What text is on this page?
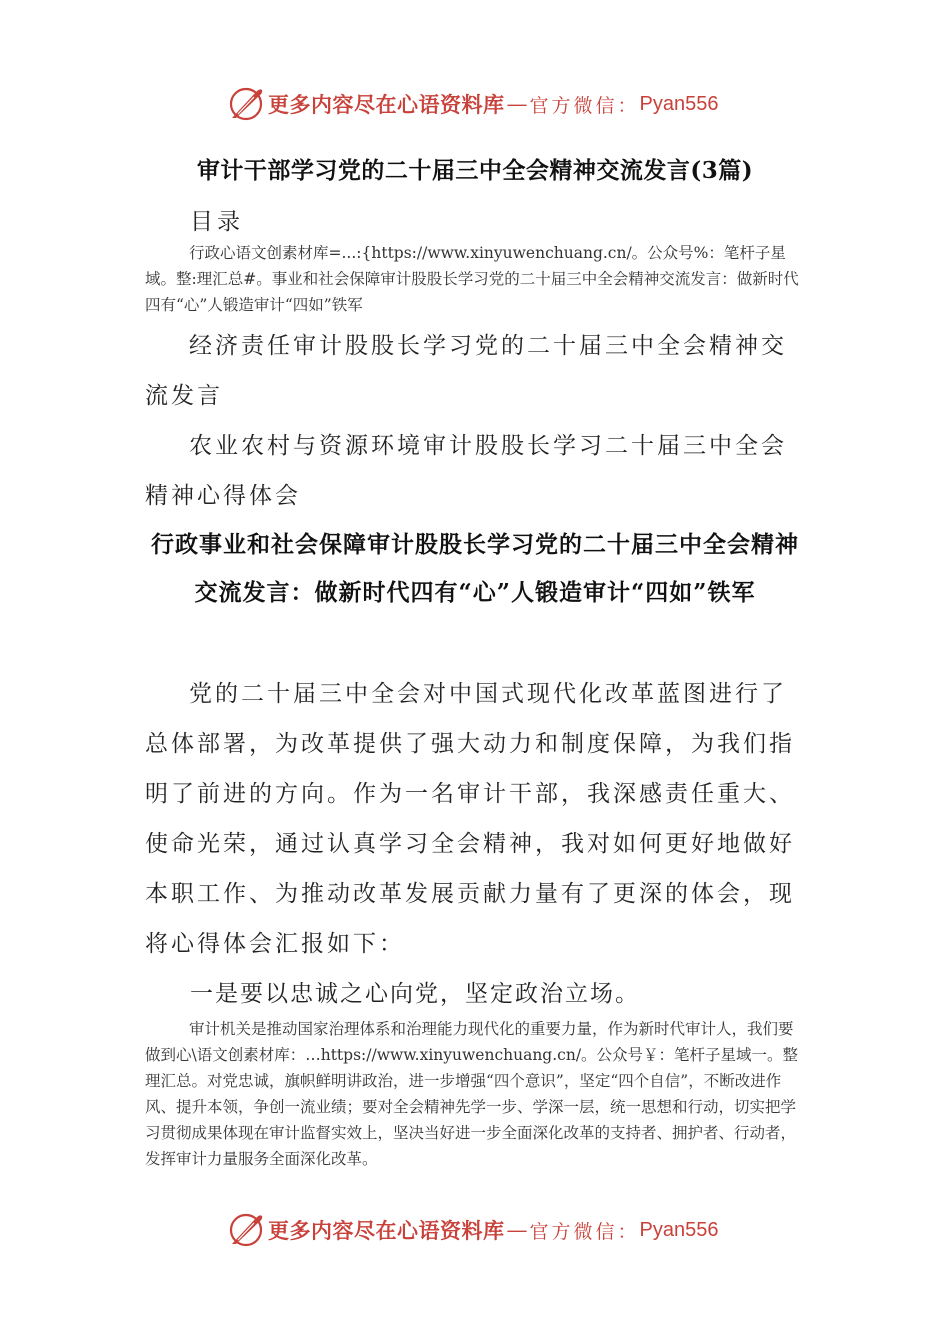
更多内容尽在心语资料库 — 官方微信： Pyan556
审计干部学习党的二十届三中全会精神交流发言(3篇)
目录
行政心语文创素材库=...:{https://www.xinyuwenchuang.cn/。公众号%：笔杆子星域。整:理汇总#。事业和社会保障审计股股长学习党的二十届三中全会精神交流发言：做新时代四有“心”人锻造审计“四如”铁军
经济责任审计股股长学习党的二十届三中全会精神交流发言
农业农村与资源环境审计股股长学习二十届三中全会精神心得体会
行政事业和社会保障审计股股长学习党的二十届三中全会精神交流发言：做新时代四有“心”人锻造审计“四如”铁军
党的二十届三中全会对中国式现代化改革蓝图进行了总体部署，为改革提供了强大动力和制度保障，为我们指明了前进的方向。作为一名审计干部，我深感责任重大、使命光荣，通过认真学习全会精神，我对如何更好地做好本职工作、为推动改革发展贡献力量有了更深的体会，现将心得体会汇报如下：
一是要以忠诚之心向党，坚定政治立场。
审计机关是推动国家治理体系和治理能力现代化的重要力量，作为新时代审计人，我们要做到心\语文创素材库：…https://www.xinyuwenchuang.cn/。公众号￥：笔杆子星域一。整理汇总。对党忠诚，旗帜鲜明讲政治，进一步增强“四个意识”，坚定“四个自信”，不断改进作风、提升本领，争创一流业绩；要对全会精神先学一步、学深一层，统一思想和行动，切实把学习贯彻成果体现在审计监督实效上，坚决当好进一步全面深化改革的支持者、拥护者、行动者，发挥审计力量服务全面深化改革。
更多内容尽在心语资料库 — 官方微信： Pyan556
